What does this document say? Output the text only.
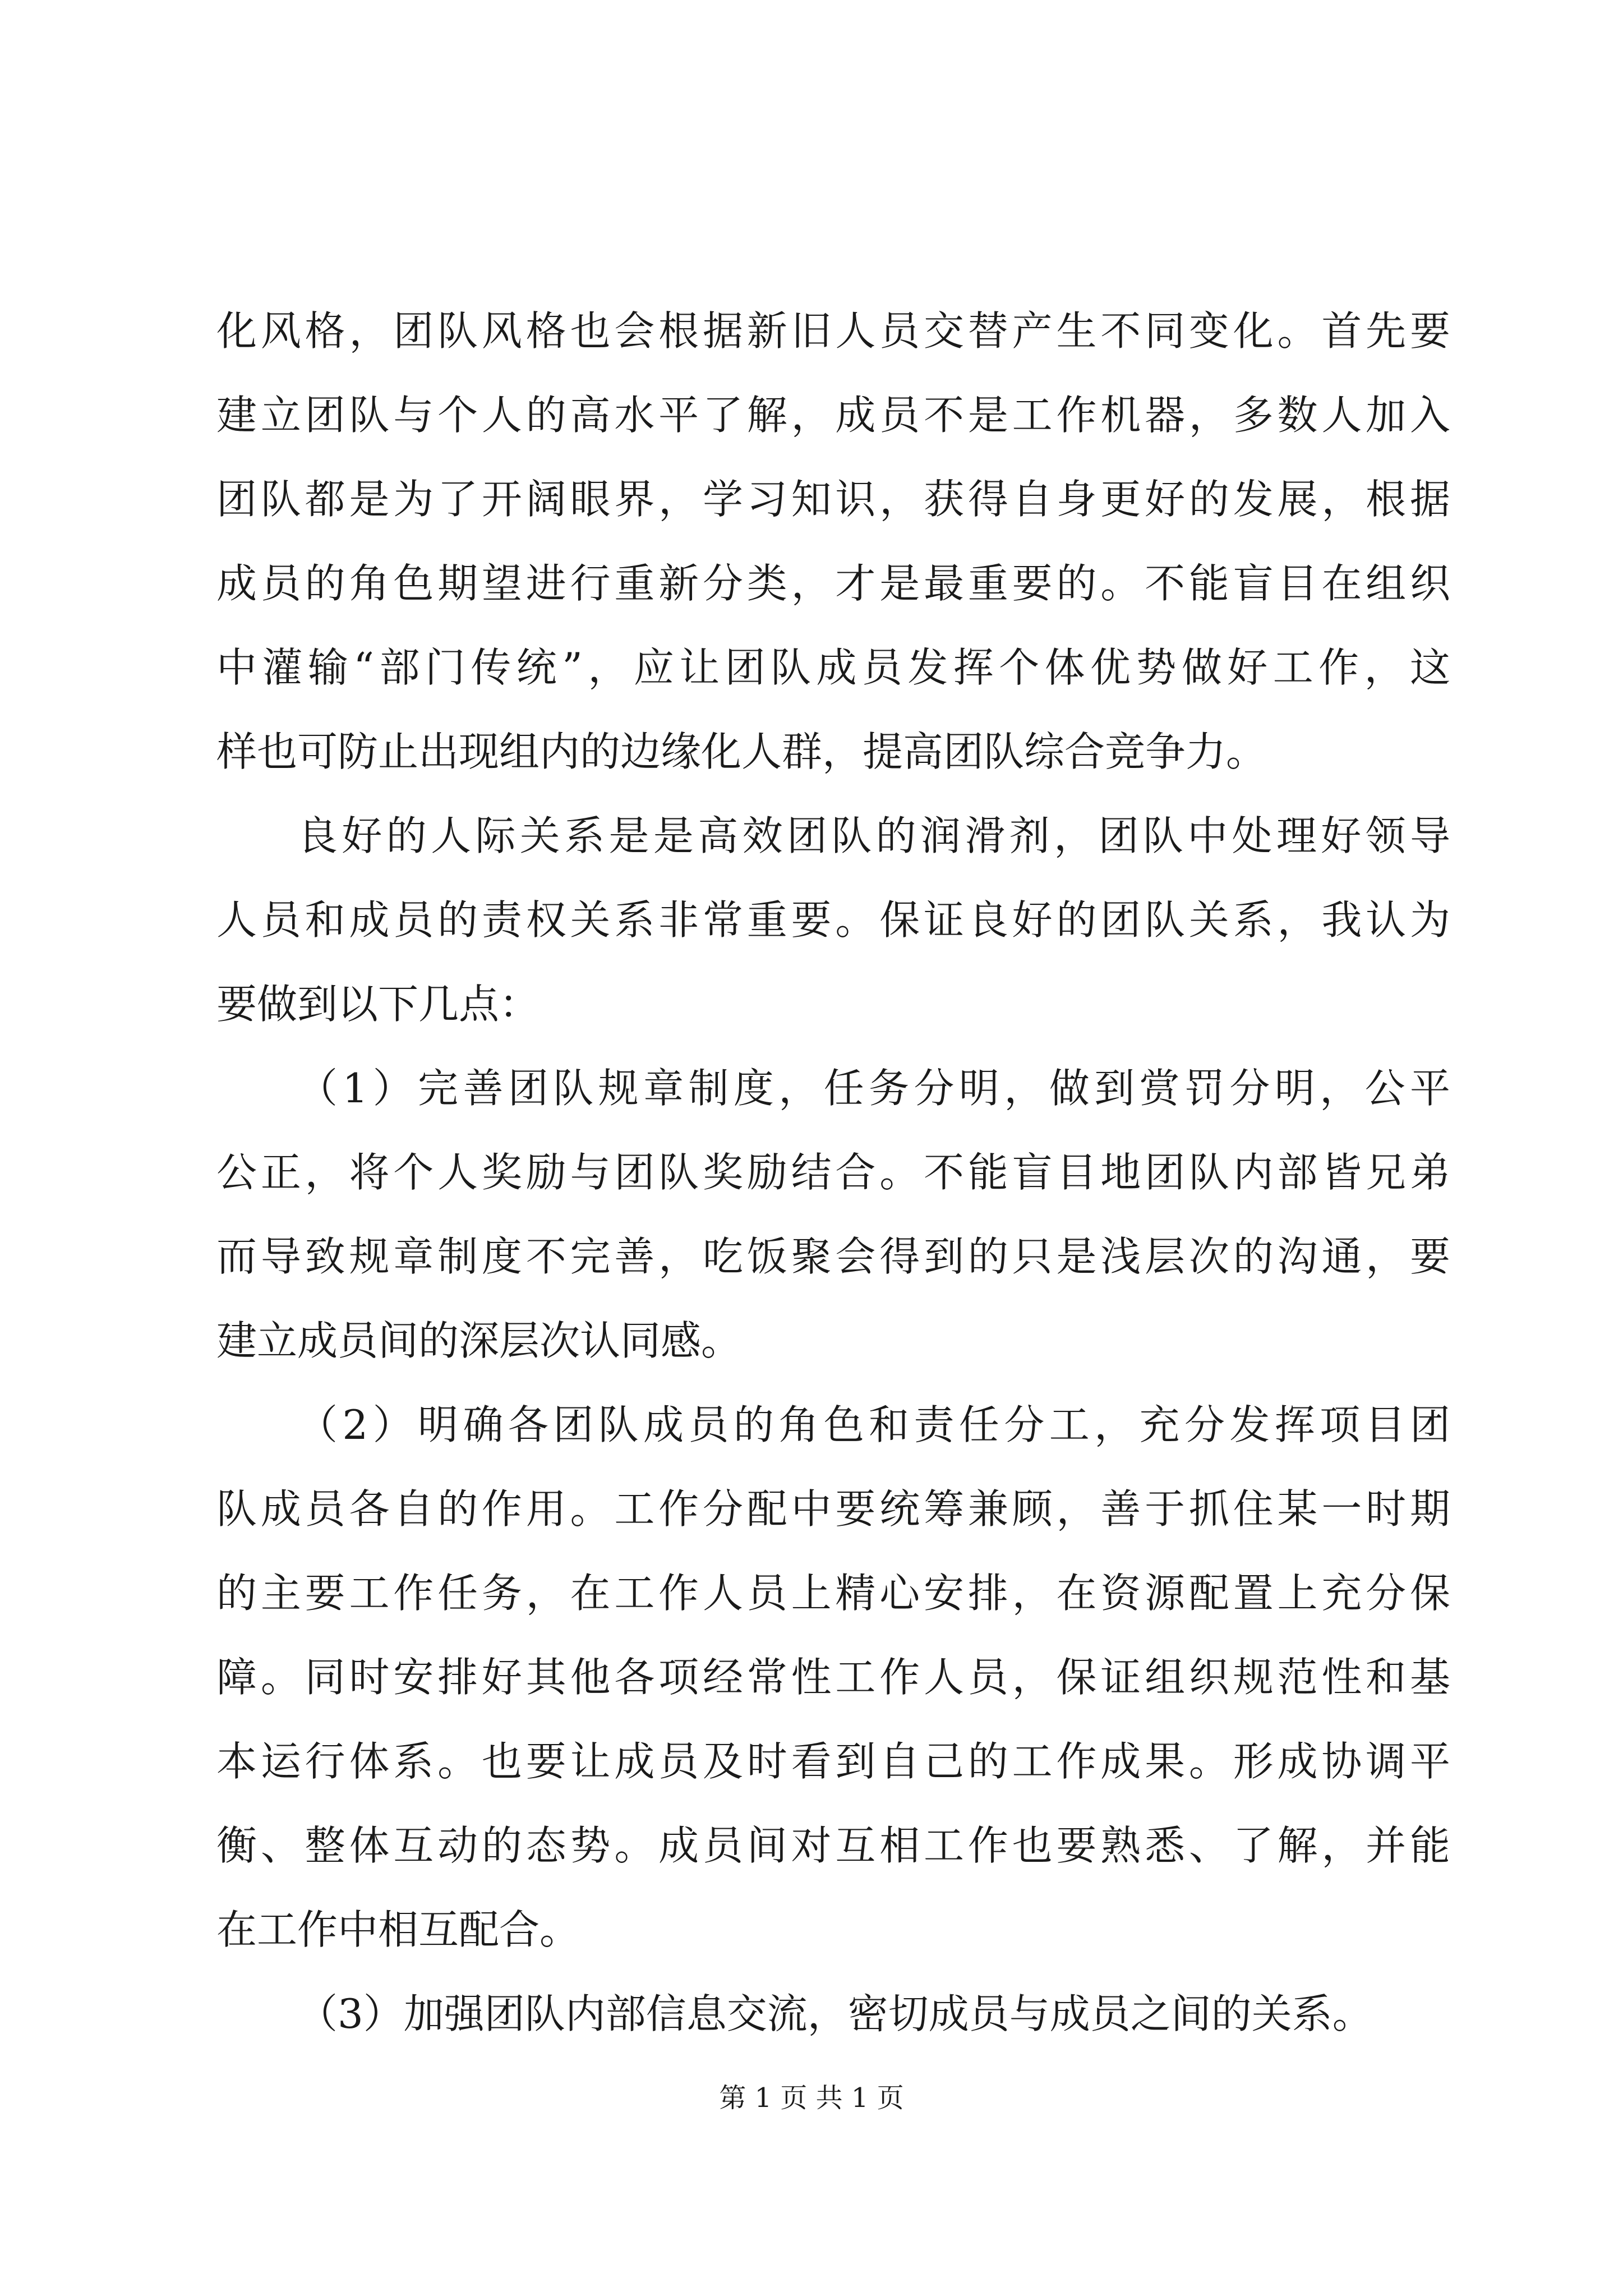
化风格，团队风格也会根据新旧人员交替产生不同变化。首先要
建立团队与个人的高水平了解，成员不是工作机器，多数人加入
团队都是为了开阔眼界，学习知识，获得自身更好的发展，根据
成员的角色期望进行重新分类，才是最重要的。不能盲目在组织
中灌输“部门传统”，应让团队成员发挥个体优势做好工作，这
样也可防止出现组内的边缘化人群，提高团队综合竞争力。
良好的人际关系是是高效团队的润滑剂，团队中处理好领导
人员和成员的责权关系非常重要。保证良好的团队关系，我认为
要做到以下几点：
（1）完善团队规章制度，任务分明，做到赏罚分明，公平
公正，将个人奖励与团队奖励结合。不能盲目地团队内部皆兄弟
而导致规章制度不完善，吃饭聚会得到的只是浅层次的沟通，要
建立成员间的深层次认同感。
（2）明确各团队成员的角色和责任分工，充分发挥项目团
队成员各自的作用。工作分配中要统筹兼顾，善于抓住某一时期
的主要工作任务，在工作人员上精心安排，在资源配置上充分保
障。同时安排好其他各项经常性工作人员，保证组织规范性和基
本运行体系。也要让成员及时看到自己的工作成果。形成协调平
衡、整体互动的态势。成员间对互相工作也要熟悉、了解，并能
在工作中相互配合。
（3）加强团队内部信息交流，密切成员与成员之间的关系。
第 1 页 共 1 页
